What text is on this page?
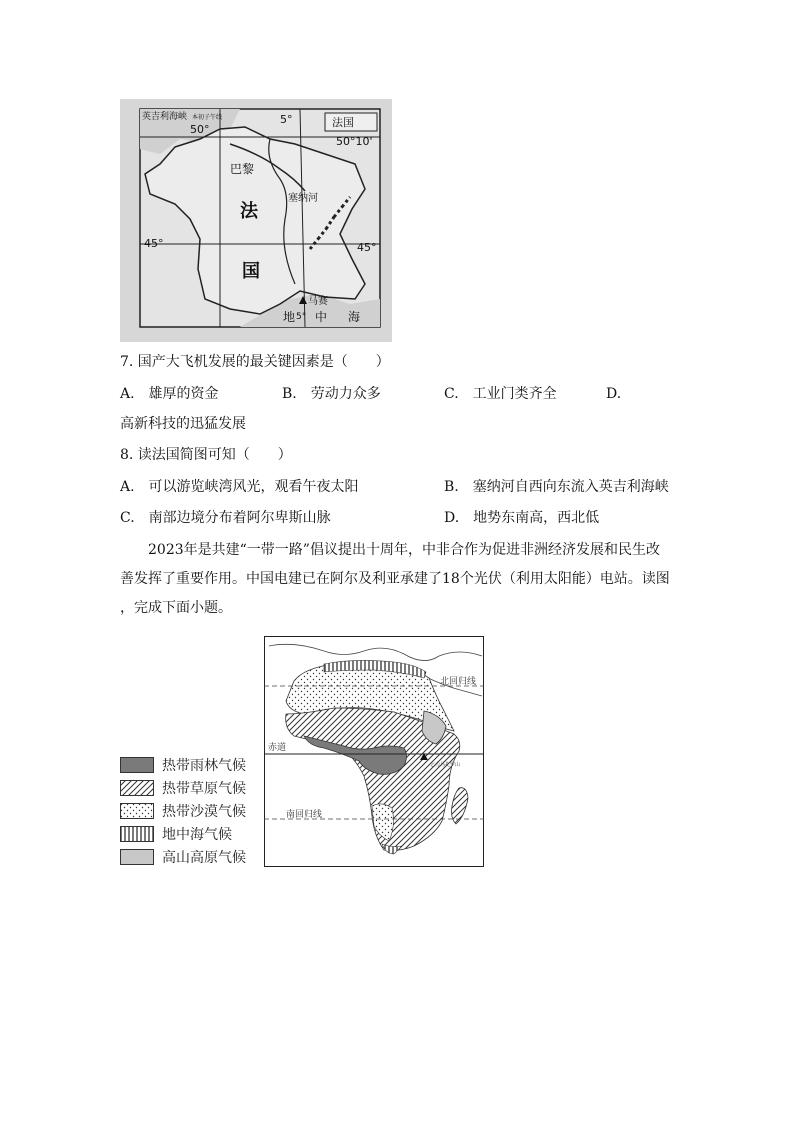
英吉利海峡 本初子午线	法国
50°
5°
50°10'
巴黎
塞纳河
法
国
45°	45°
马赛
地 5° 中 海
7. 国产大飞机发展的最关键因素是（　　）
A.　雄厚的资金	B.　劳动力众多	C.　工业门类齐全	D.
高新科技的迅猛发展
8. 读法国简图可知（　　）
A.　可以游览峡湾风光，观看午夜太阳	B.　塞纳河自西向东流入英吉利海峡
C.　南部边境分布着阿尔卑斯山脉	D.　地势东南高，西北低
2023年是共建“一带一路”倡议提出十周年，中非合作为促进非洲经济发展和民生改
善发挥了重要作用。中国电建已在阿尔及利亚承建了18个光伏（利用太阳能）电站。读图
，完成下面小题。
北回归线
赤道
南回归线
乞力马扎罗山
热带雨林气候
热带草原气候
热带沙漠气候
地中海气候
高山高原气候
